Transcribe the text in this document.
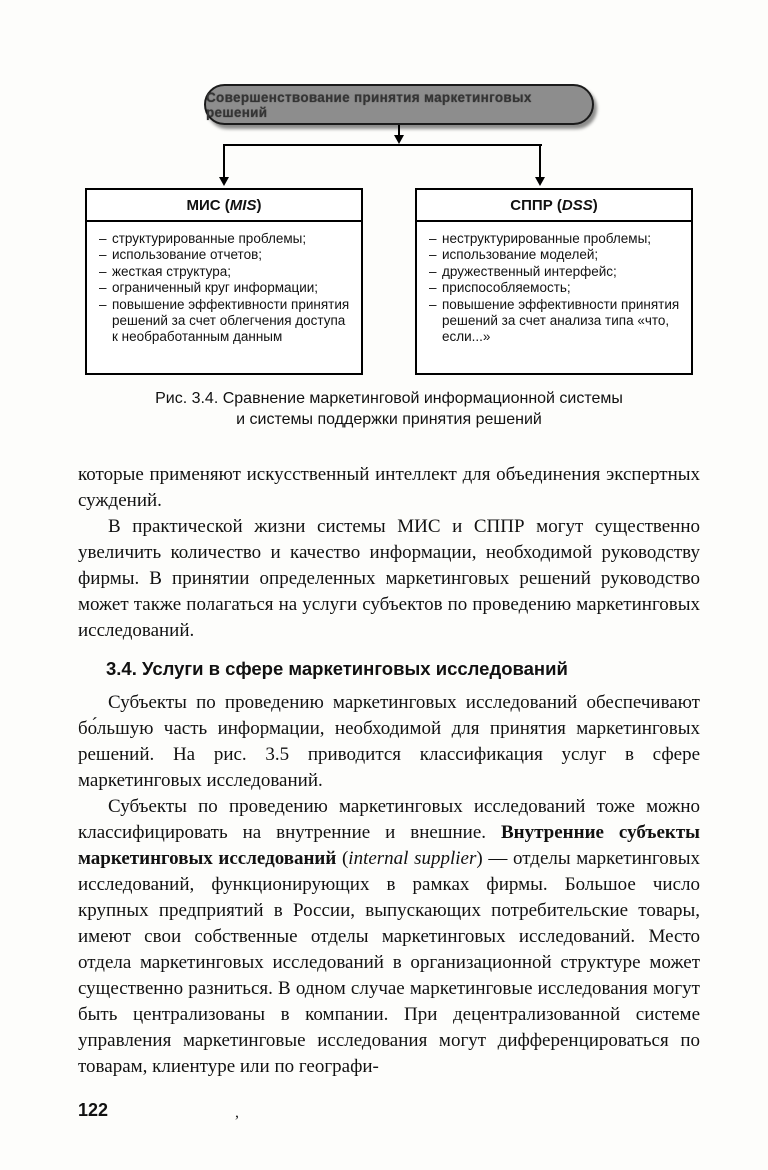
Совершенствование принятия маркетинговых решений
МИС (MIS)
– структурированные проблемы;
– использование отчетов;
– жесткая структура;
– ограниченный круг информации;
– повышение эффективности принятия решений за счет облегчения доступа к необработанным данным
СППР (DSS)
– неструктурированные проблемы;
– использование моделей;
– дружественный интерфейс;
– приспособляемость;
– повышение эффективности принятия решений за счет анализа типа «что, если...»
Рис. 3.4. Сравнение маркетинговой информационной системы
и системы поддержки принятия решений

которые применяют искусственный интеллект для объединения экспертных суждений.

В практической жизни системы МИС и СППР могут существенно увеличить количество и качество информации, необходимой руководству фирмы. В принятии определенных маркетинговых решений руководство может также полагаться на услуги субъектов по проведению маркетинговых исследований.

3.4. Услуги в сфере маркетинговых исследований

Субъекты по проведению маркетинговых исследований обеспечивают бо́льшую часть информации, необходимой для принятия маркетинговых решений. На рис. 3.5 приводится классификация услуг в сфере маркетинговых исследований.

Субъекты по проведению маркетинговых исследований тоже можно классифицировать на внутренние и внешние. Внутренние субъекты маркетинговых исследований (internal supplier) — отделы маркетинговых исследований, функционирующих в рамках фирмы. Большое число крупных предприятий в России, выпускающих потребительские товары, имеют свои собственные отделы маркетинговых исследований. Место отдела маркетинговых исследований в организационной структуре может существенно разниться. В одном случае маркетинговые исследования могут быть централизованы в компании. При децентрализованной системе управления маркетинговые исследования могут дифференцироваться по товарам, клиентуре или по географи-

122	,
